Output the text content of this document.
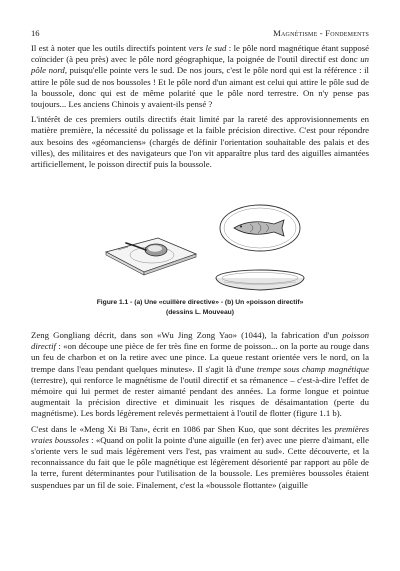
16	Magnétisme - Fondements

Il est à noter que les outils directifs pointent vers le sud : le pôle nord magnétique étant supposé coïncider (à peu près) avec le pôle nord géographique, la poignée de l'outil directif est donc un pôle nord, puisqu'elle pointe vers le sud. De nos jours, c'est le pôle nord qui est la référence : il attire le pôle sud de nos boussoles ! Et le pôle nord d'un aimant est celui qui attire le pôle sud de la boussole, donc qui est de même polarité que le pôle nord terrestre. On n'y pense pas toujours... Les anciens Chinois y avaient-ils pensé ?

L'intérêt de ces premiers outils directifs était limité par la rareté des approvisionnements en matière première, la nécessité du polissage et la faible précision directive. C'est pour répondre aux besoins des «géomanciens» (chargés de définir l'orientation souhaitable des palais et des villes), des militaires et des navigateurs que l'on vit apparaître plus tard des aiguilles aimantées artificiellement, le poisson directif puis la boussole.

Figure 1.1 - (a) Une «cuillère directive» - (b) Un «poisson directif»
(dessins L. Mouveau)

Zeng Gongliang décrit, dans son «Wu Jing Zong Yao» (1044), la fabrication d'un poisson directif : «on découpe une pièce de fer très fine en forme de poisson... on la porte au rouge dans un feu de charbon et on la retire avec une pince. La queue restant orientée vers le nord, on la trempe dans l'eau pendant quelques minutes». Il s'agit là d'une trempe sous champ magnétique (terrestre), qui renforce le magnétisme de l'outil directif et sa rémanence – c'est-à-dire l'effet de mémoire qui lui permet de rester aimanté pendant des années. La forme longue et pointue augmentait la précision directive et diminuait les risques de désaimantation (perte du magnétisme). Les bords légèrement relevés permettaient à l'outil de flotter (figure 1.1 b).

C'est dans le «Meng Xi Bi Tan», écrit en 1086 par Shen Kuo, que sont décrites les premières vraies boussoles : «Quand on polit la pointe d'une aiguille (en fer) avec une pierre d'aimant, elle s'oriente vers le sud mais légèrement vers l'est, pas vraiment au sud». Cette découverte, et la reconnaissance du fait que le pôle magnétique est légèrement désorienté par rapport au pôle de la terre, furent déterminantes pour l'utilisation de la boussole. Les premières boussoles étaient suspendues par un fil de soie. Finalement, c'est la «boussole flottante» (aiguille
